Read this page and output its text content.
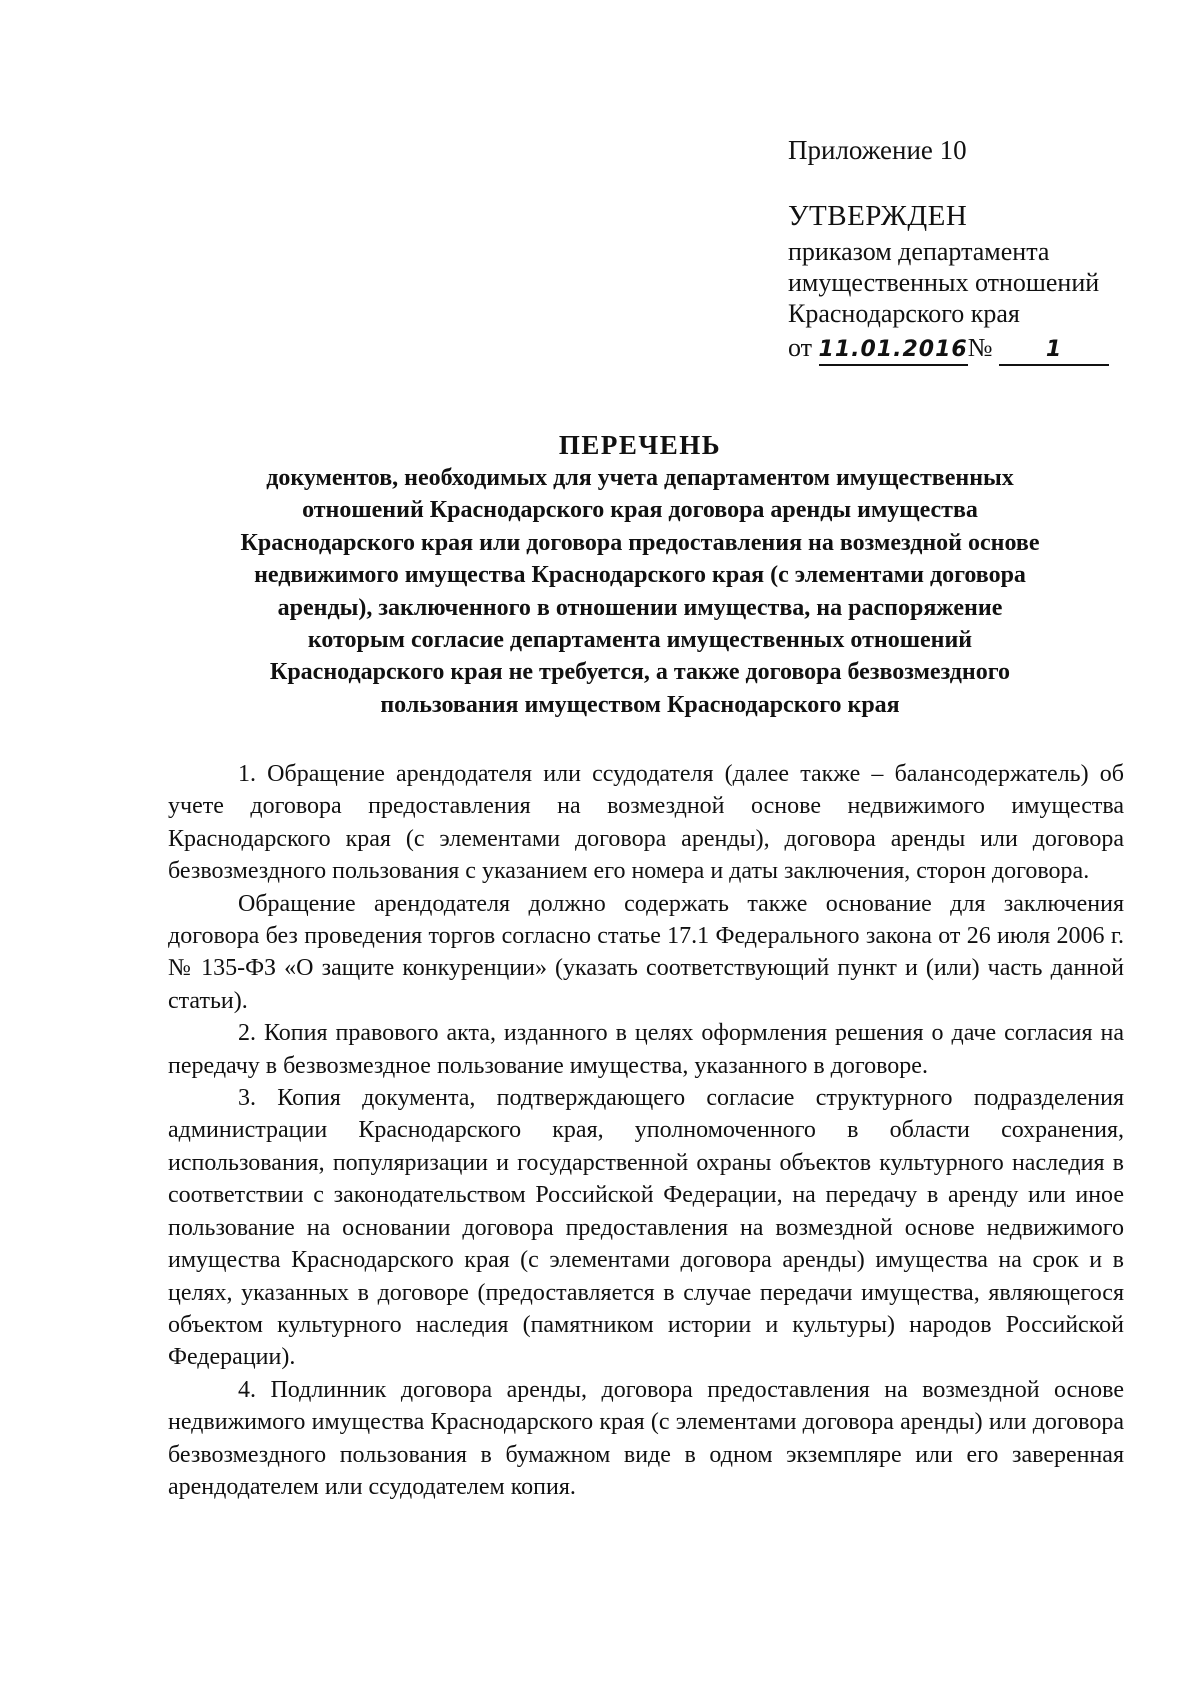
Приложение 10
УТВЕРЖДЕН
приказом департамента
имущественных отношений
Краснодарского края
от 11.01.2016№ 1
ПЕРЕЧЕНЬ
документов, необходимых для учета департаментом имущественных
отношений Краснодарского края договора аренды имущества
Краснодарского края или договора предоставления на возмездной основе
недвижимого имущества Краснодарского края (с элементами договора
аренды), заключенного в отношении имущества, на распоряжение
которым согласие департамента имущественных отношений
Краснодарского края не требуется, а также договора безвозмездного
пользования имуществом Краснодарского края

1. Обращение арендодателя или ссудодателя (далее также – балансодержатель) об учете договора предоставления на возмездной основе недвижимого имущества Краснодарского края (с элементами договора аренды), договора аренды или договора безвозмездного пользования с указанием его номера и даты заключения, сторон договора.

Обращение арендодателя должно содержать также основание для заключения договора без проведения торгов согласно статье 17.1 Федерального закона от 26 июля 2006 г. № 135-ФЗ «О защите конкуренции» (указать соответствующий пункт и (или) часть данной статьи).

2. Копия правового акта, изданного в целях оформления решения о даче согласия на передачу в безвозмездное пользование имущества, указанного в договоре.

3. Копия документа, подтверждающего согласие структурного подразделения администрации Краснодарского края, уполномоченного в области сохранения, использования, популяризации и государственной охраны объектов культурного наследия в соответствии с законодательством Российской Федерации, на передачу в аренду или иное пользование на основании договора предоставления на возмездной основе недвижимого имущества Краснодарского края (с элементами договора аренды) имущества на срок и в целях, указанных в договоре (предоставляется в случае передачи имущества, являющегося объектом культурного наследия (памятником истории и культуры) народов Российской Федерации).

4. Подлинник договора аренды, договора предоставления на возмездной основе недвижимого имущества Краснодарского края (с элементами договора аренды) или договора безвозмездного пользования в бумажном виде в одном экземпляре или его заверенная арендодателем или ссудодателем копия.
